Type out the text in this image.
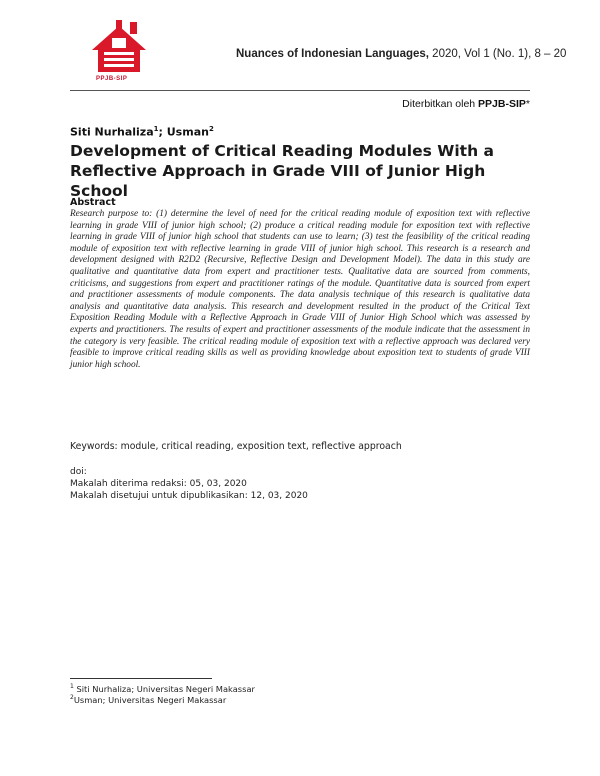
PPJB-SIP
Nuances of Indonesian Languages, 2020, Vol 1 (No. 1), 8 – 20
Diterbitkan oleh PPJB-SIP*
Siti Nurhaliza$^1$; Usman$^2$
Development of Critical Reading Modules With a Reflective Approach in Grade VIII of Junior High School
Abstract
Research purpose to: (1) determine the level of need for the critical reading module of exposition text with reflective learning in grade VIII of junior high school; (2) produce a critical reading module for exposition text with reflective learning in grade VIII of junior high school that students can use to learn; (3) test the feasibility of the critical reading module of exposition text with reflective learning in grade VIII of junior high school. This research is a research and development designed with R2D2 (Recursive, Reflective Design and Development Model). The data in this study are qualitative and quantitative data from expert and practitioner tests. Qualitative data are sourced from comments, criticisms, and suggestions from expert and practitioner ratings of the module. Quantitative data is sourced from expert and practitioner assessments of module components. The data analysis technique of this research is qualitative data analysis and quantitative data analysis. This research and development resulted in the product of the Critical Text Exposition Reading Module with a Reflective Approach in Grade VIII of Junior High School which was assessed by experts and practitioners. The results of expert and practitioner assessments of the module indicate that the assessment in the category is very feasible. The critical reading module of exposition text with a reflective approach was declared very feasible to improve critical reading skills as well as providing knowledge about exposition text to students of grade VIII junior high school.
Keywords: module, critical reading, exposition text, reflective approach
doi:
Makalah diterima redaksi: 05, 03, 2020
Makalah disetujui untuk dipublikasikan: 12, 03, 2020
$^1$ Siti Nurhaliza; Universitas Negeri Makassar
$^2$Usman; Universitas Negeri Makassar
